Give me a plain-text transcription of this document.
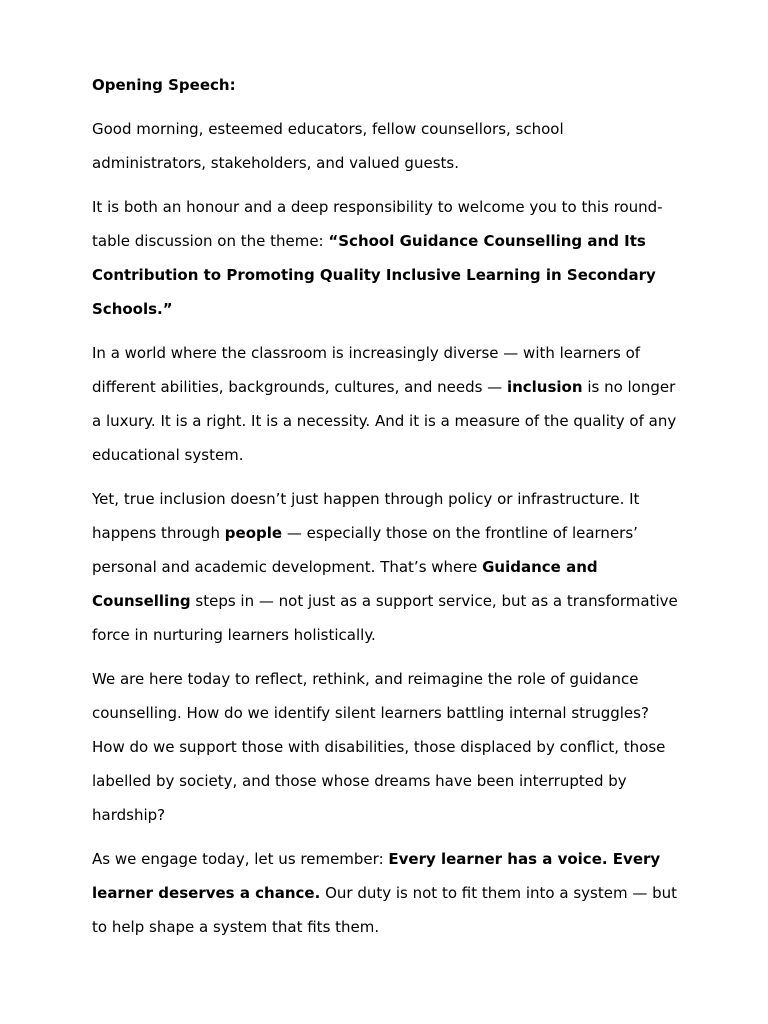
Opening Speech:

Good morning, esteemed educators, fellow counsellors, school administrators, stakeholders, and valued guests.

It is both an honour and a deep responsibility to welcome you to this round-table discussion on the theme: “School Guidance Counselling and Its Contribution to Promoting Quality Inclusive Learning in Secondary Schools.”

In a world where the classroom is increasingly diverse — with learners of different abilities, backgrounds, cultures, and needs — inclusion is no longer a luxury. It is a right. It is a necessity. And it is a measure of the quality of any educational system.

Yet, true inclusion doesn’t just happen through policy or infrastructure. It happens through people — especially those on the frontline of learners’ personal and academic development. That’s where Guidance and Counselling steps in — not just as a support service, but as a transformative force in nurturing learners holistically.

We are here today to reflect, rethink, and reimagine the role of guidance counselling. How do we identify silent learners battling internal struggles? How do we support those with disabilities, those displaced by conflict, those labelled by society, and those whose dreams have been interrupted by hardship?

As we engage today, let us remember: Every learner has a voice. Every learner deserves a chance. Our duty is not to fit them into a system — but to help shape a system that fits them.
